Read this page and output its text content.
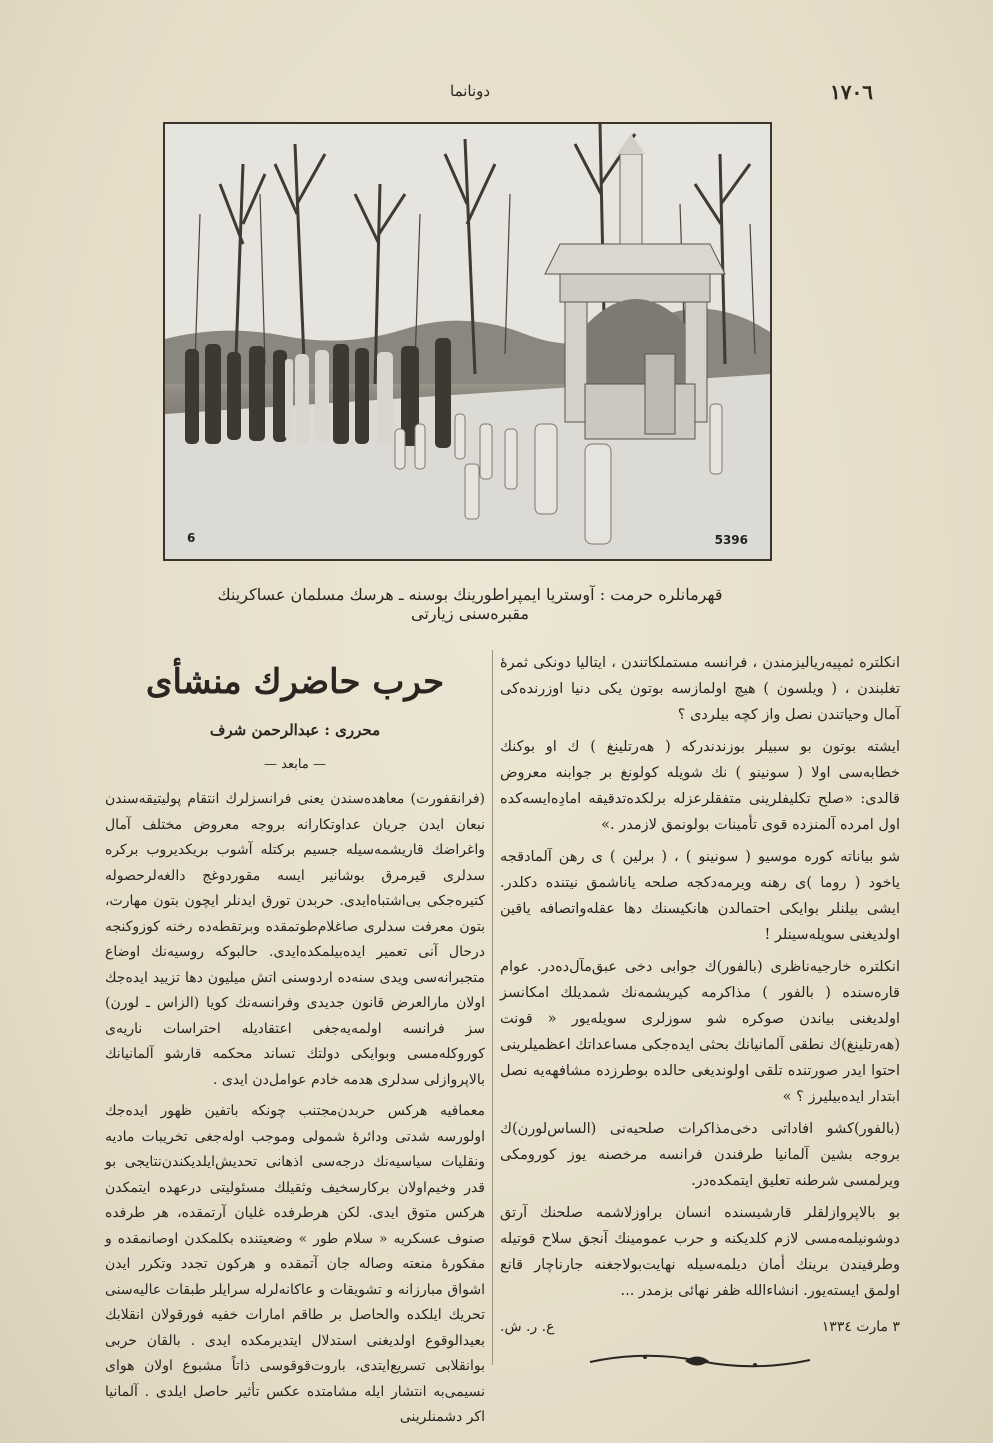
١٧٠٦
دونانما
6	5396
قهرمانلره حرمت : آوستريا ايمپراطورينك بوسنه ـ هرسك مسلمان عساكرينك مقبره‌سنى زيارتى

انكلتره ئمپيه‌رياليزمندن ، فرانسه مستملكاتندن ، ايتاليا دونكى ثمرهٔ تغلبندن ، ( ويلسون ) هيچ اولمازسه بوتون يكى دنيا اوزرنده‌كى آمال وحياتندن نصل واز كچه بيلردى ؟

ايشته بوتون بو سبيلر بوزندندركه ( هه‌رتلينغ ) ك او بوكنك خطابه‌سى اولا ( سونينو ) نك شويله كولونغ بر جوابنه معروض قالدى: «صلح تكليفلرينى متفقلرعزله برلكده‌تدقيقه امادِه‌ايسه‌كده اول امرده آلمنزده قوى تأمينات بولونمق لازمدر .»

شو بياناته كوره موسيو ( سونينو ) ، ( برلين ) ى رهن آلمادقجه ياخود ( روما )ى رهنه ويرمه‌دكجه صلحه ياناشمق نيتنده دكلدر. ايشى بيلنلر بوايكى احتمالدن هانكيسنك دها عقله‌واتصافه ياقين اولديغنى سويله‌سينلر !

انكلتره خارجيه‌ناظرى (بالفور)ك جوابى دخى عبق‌مآل‌ده‌در. عوام قاره‌سنده ( بالفور ) مذاكرمه كيريشمه‌نك شمديلك امكانسز اولديغنى بياندن صوكره شو سوزلرى سويله‌يور « قونت (هه‌رتلينغ)ك نطقى آلمانيانك بحثى ايده‌جكى مساعداتك اعظميلرينى احتوا ايدر صورتنده تلقى اولونديغى حالده بوطرزده مشافهه‌يه نصل ابتدار ايده‌بيليرز ؟ »

(بالفور)كشو افاداتى دخى‌مذاكرات صلحيه‌نى (الساس‌لورن)ك بروجه بشين آلمانيا طرفندن فرانسه مرخصنه يوز كورومكى ويرلمسى شرطنه تعليق ايتمكده‌در.

بو بالاپروازلقلر قارشيسنده انسان براوزلاشمه صلحنك آرتق دوشونيلمه‌مسى لازم كلديكنه و حرب عمومينك آنجق سلاح قوتيله وطرفيندن برينك أمان ديلمه‌سيله نهايت‌بولاجغنه جارناچار قانع اولمق ايسته‌يور. انشاءالله ظفر نهائى بزمدر ...

٣ مارت ١٣٣٤
ع. ر. ش.
حرب حاضرك منشأى
محررى : عبدالرحمن شرف
— مابعد —

(فرانقفورت) معاهده‌سندن يعنى فرانسزلرك انتقام پوليتيقه‌سندن نبعان ايدن جريان عداوتكارانه بروجه معروض مختلف آمال واغراضك قاريشمه‌سيله جسيم بركتله آشوب بريكديروب بركره سدلرى قيرمرق بوشانير ايسه مقوردوغج دالغه‌لرحصوله كتيره‌جكى بى‌اشتباه‌ايدى. حربدن تورق ايدنلر ايچون بتون مهارت، بتون معرفت سدلرى صاغلام‌طوتمقده وبرتقطه‌ده رخنه كوزوكنجه درحال آنى تعمير ايده‌بيلمكده‌ايدى. حالبوكه روسيه‌نك اوضاع متجبرانه‌سى ويدى سنه‌ده اردوسنى اتش ميليون دها تزييد ايده‌جك اولان مارالعرض قانون جديدى وفرانسه‌نك كويا (الزاس ـ لورن) سز فرانسه اولمه‌يه‌جغى اعتقاديله احتراسات ناريه‌ى كوروكله‌مسى وبوايكى دولتك تساند محكمه قارشو آلمانيانك بالاپروازلى سدلرى هدمه خادم عوامل‌دن ايدى .

معمافيه هركس حربدن‌مجتنب چونكه باتفين ظهور ايده‌جك اولورسه شدتى ودائرهٔ شمولى وموجب اوله‌جغى تخريبات ماديه ونقليات سياسيه‌نك درجه‌سى اذهانى تحديش‌ايلديكندن‌نتايجى بو قدر وخيم‌اولان بركارسخيف وثقيلك مسئوليتى درعهده ايتمكدن هركس متوق ايدى. لكن هرطرفده غليان آرتمقده، هر طرفده صنوف عسكريه « سلام طور » وضعيتنده بكلمكدن اوصانمقده و مفكورهٔ منعته وصاله جان آتمقده و هركون تجدد وتكرر ايدن اشواق مبارزانه و تشويقات و عاكانه‌لرله سرايلر طبقات عاليه‌سنى تحريك ايلكده والحاصل بر طاقم امارات خفيه فورقولان انقلابك بعيدالوقوع اولديغنى استدلال ايتديرمكده ايدى . بالقان حربى بوانقلابى تسريع‌ايتدى، باروت‌قوقوسى ذاتاً مشبوع اولان هواى نسيمى‌به انتشار ايله مشامتده عكس تأثير حاصل ايلدى . آلمانيا اكر دشمنلرينى
